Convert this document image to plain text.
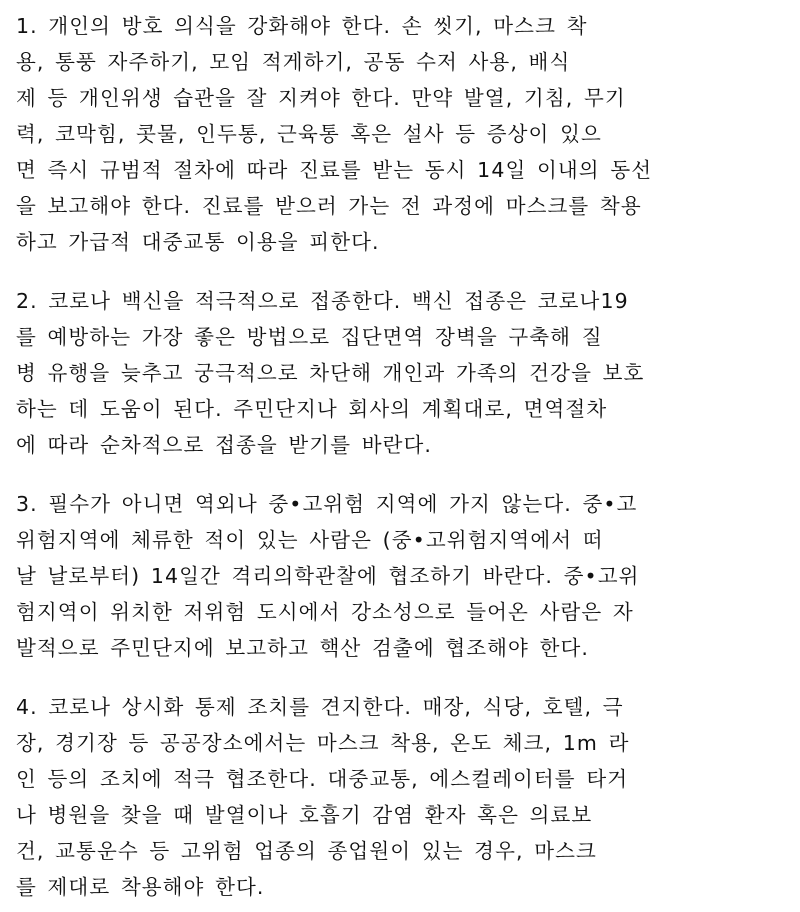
1. 개인의 방호 의식을 강화해야 한다. 손 씻기, 마스크 착
용, 통풍 자주하기, 모임 적게하기, 공동 수저 사용, 배식
제 등 개인위생 습관을 잘 지켜야 한다. 만약 발열, 기침, 무기
력, 코막힘, 콧물, 인두통, 근육통 혹은 설사 등 증상이 있으
면 즉시 규범적 절차에 따라 진료를 받는 동시 14일 이내의 동선
을 보고해야 한다. 진료를 받으러 가는 전 과정에 마스크를 착용
하고 가급적 대중교통 이용을 피한다.
2. 코로나 백신을 적극적으로 접종한다. 백신 접종은 코로나19
를 예방하는 가장 좋은 방법으로 집단면역 장벽을 구축해 질
병 유행을 늦추고 궁극적으로 차단해 개인과 가족의 건강을 보호
하는 데 도움이 된다. 주민단지나 회사의 계획대로, 면역절차
에 따라 순차적으로 접종을 받기를 바란다.
3. 필수가 아니면 역외나 중•고위험 지역에 가지 않는다. 중•고
위험지역에 체류한 적이 있는 사람은 (중•고위험지역에서 떠
날 날로부터) 14일간 격리의학관찰에 협조하기 바란다. 중•고위
험지역이 위치한 저위험 도시에서 강소성으로 들어온 사람은 자
발적으로 주민단지에 보고하고 핵산 검출에 협조해야 한다.
4. 코로나 상시화 통제 조치를 견지한다. 매장, 식당, 호텔, 극
장, 경기장 등 공공장소에서는 마스크 착용, 온도 체크, 1m 라
인 등의 조치에 적극 협조한다. 대중교통, 에스컬레이터를 타거
나 병원을 찾을 때 발열이나 호흡기 감염 환자 혹은 의료보
건, 교통운수 등 고위험 업종의 종업원이 있는 경우, 마스크
를 제대로 착용해야 한다.
